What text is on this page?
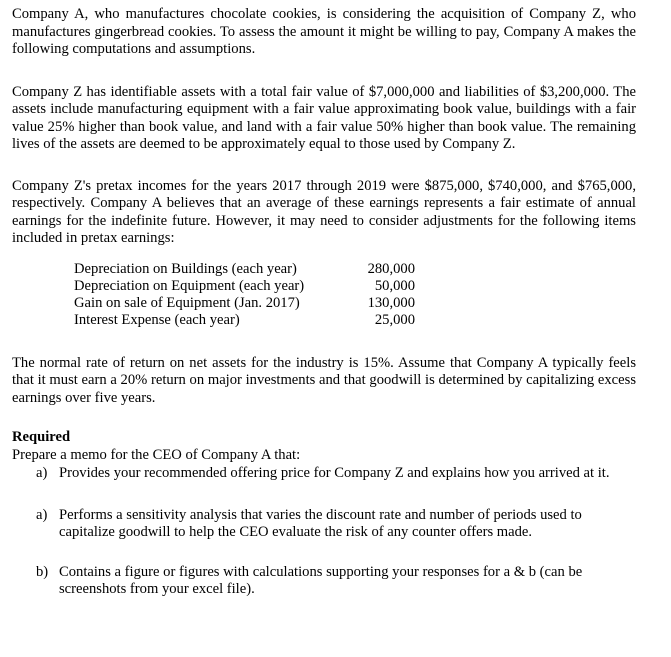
Company A, who manufactures chocolate cookies, is considering the acquisition of Company Z, who manufactures gingerbread cookies. To assess the amount it might be willing to pay, Company A makes the following computations and assumptions.

Company Z has identifiable assets with a total fair value of $7,000,000 and liabilities of $3,200,000. The assets include manufacturing equipment with a fair value approximating book value, buildings with a fair value 25% higher than book value, and land with a fair value 50% higher than book value. The remaining lives of the assets are deemed to be approximately equal to those used by Company Z.

Company Z's pretax incomes for the years 2017 through 2019 were $875,000, $740,000, and $765,000, respectively. Company A believes that an average of these earnings represents a fair estimate of annual earnings for the indefinite future. However, it may need to consider adjustments for the following items included in pretax earnings:

Depreciation on Buildings (each year)	280,000
Depreciation on Equipment (each year)	50,000
Gain on sale of Equipment (Jan. 2017)	130,000
Interest Expense (each year)	25,000

The normal rate of return on net assets for the industry is 15%. Assume that Company A typically feels that it must earn a 20% return on major investments and that goodwill is determined by capitalizing excess earnings over five years.

Required

Prepare a memo for the CEO of Company A that:

a) Provides your recommended offering price for Company Z and explains how you arrived at it.
a) Performs a sensitivity analysis that varies the discount rate and number of periods used to capitalize goodwill to help the CEO evaluate the risk of any counter offers made.
b) Contains a figure or figures with calculations supporting your responses for a & b (can be screenshots from your excel file).
